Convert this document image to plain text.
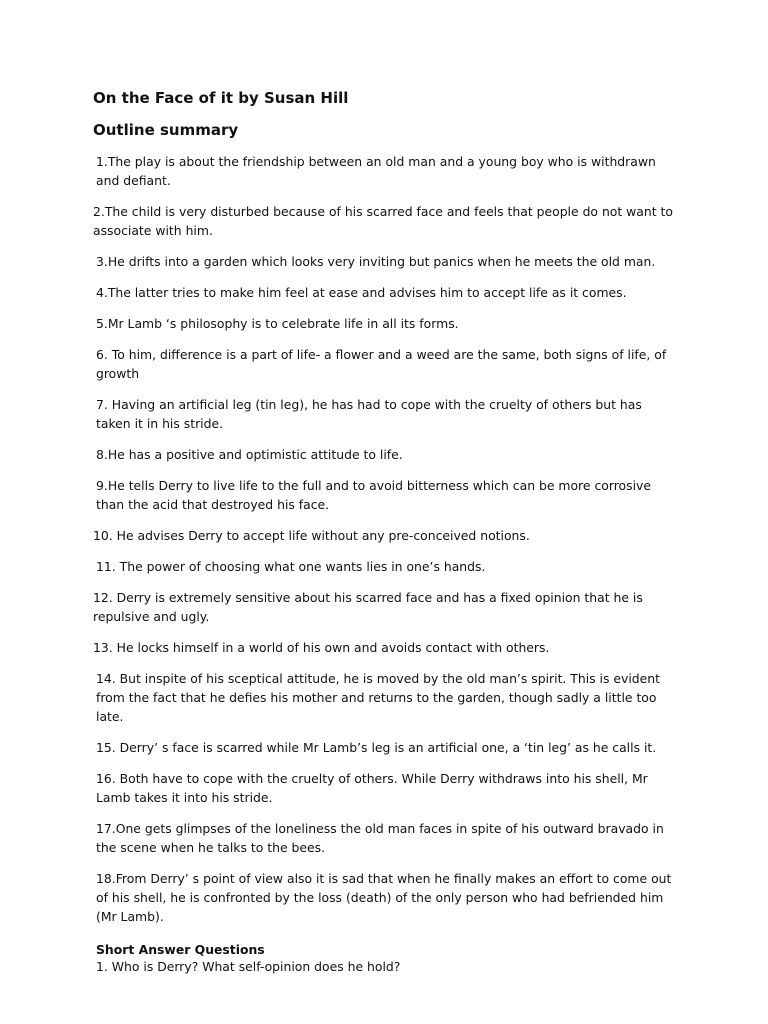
On the Face of it by Susan Hill
Outline summary

1.The play is about the friendship between an old man and a young boy who is withdrawn and defiant.

2.The child is very disturbed because of his scarred face and feels that people do not want to associate with him.

3.He drifts into a garden which looks very inviting but panics when he meets the old man.

4.The latter tries to make him feel at ease and advises him to accept life as it comes.

5.Mr Lamb ‘s philosophy is to celebrate life in all its forms.

6. To him, difference is a part of life- a flower and a weed are the same, both signs of life, of growth

7. Having an artificial leg (tin leg), he has had to cope with the cruelty of others but has taken it in his stride.

8.He has a positive and optimistic attitude to life.

9.He tells Derry to live life to the full and to avoid bitterness which can be more corrosive than the acid that destroyed his face.

10. He advises Derry to accept life without any pre-conceived notions.

11. The power of choosing what one wants lies in one’s hands.

12. Derry is extremely sensitive about his scarred face and has a fixed opinion that he is repulsive and ugly.

13. He locks himself in a world of his own and avoids contact with others.

14. But inspite of his sceptical attitude, he is moved by the old man’s spirit. This is evident from the fact that he defies his mother and returns to the garden, though sadly a little too late.

15. Derry’ s face is scarred while Mr Lamb’s leg is an artificial one, a ‘tin leg’ as he calls it.

16. Both have to cope with the cruelty of others. While Derry withdraws into his shell, Mr Lamb takes it into his stride.

17.One gets glimpses of the loneliness the old man faces in spite of his outward bravado in the scene when he talks to the bees.

18.From Derry’ s point of view also it is sad that when he finally makes an effort to come out of his shell, he is confronted by the loss (death) of the only person who had befriended him (Mr Lamb).

Short Answer Questions
1. Who is Derry? What self-opinion does he hold?
